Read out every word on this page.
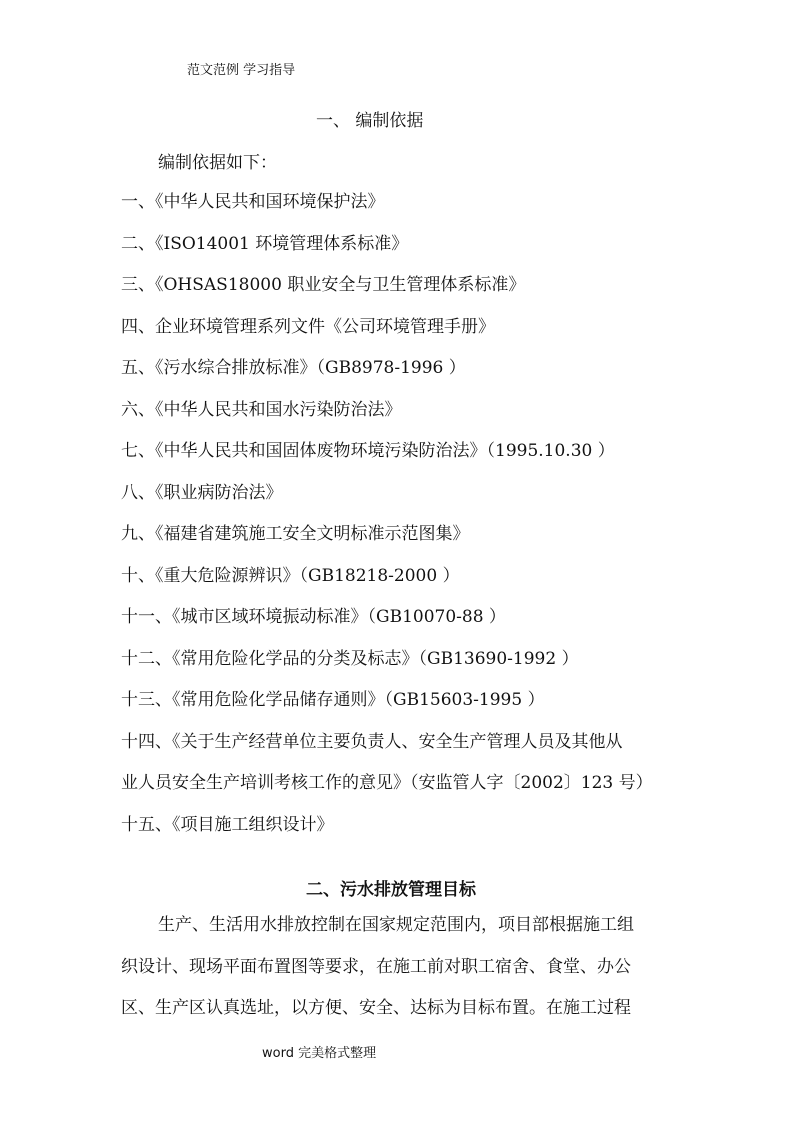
范文范例 学习指导
一、 编制依据
编制依据如下：
一、《中华人民共和国环境保护法》
二、《ISO14001 环境管理体系标准》
三、《OHSAS18000 职业安全与卫生管理体系标准》
四、企业环境管理系列文件《公司环境管理手册》
五、《污水综合排放标准》（GB8978-1996 ）
六、《中华人民共和国水污染防治法》
七、《中华人民共和国固体废物环境污染防治法》（1995.10.30 ）
八、《职业病防治法》
九、《福建省建筑施工安全文明标准示范图集》
十、《重大危险源辨识》（GB18218-2000 ）
十一、《城市区域环境振动标准》（GB10070-88 ）
十二、《常用危险化学品的分类及标志》（GB13690-1992 ）
十三、《常用危险化学品储存通则》（GB15603-1995 ）
十四、《关于生产经营单位主要负责人、安全生产管理人员及其他从
业人员安全生产培训考核工作的意见》（安监管人字〔2002〕123 号）
十五、《项目施工组织设计》
二、污水排放管理目标
生产、生活用水排放控制在国家规定范围内，项目部根据施工组
织设计、现场平面布置图等要求，在施工前对职工宿舍、食堂、办公
区、生产区认真选址，以方便、安全、达标为目标布置。在施工过程
word 完美格式整理
